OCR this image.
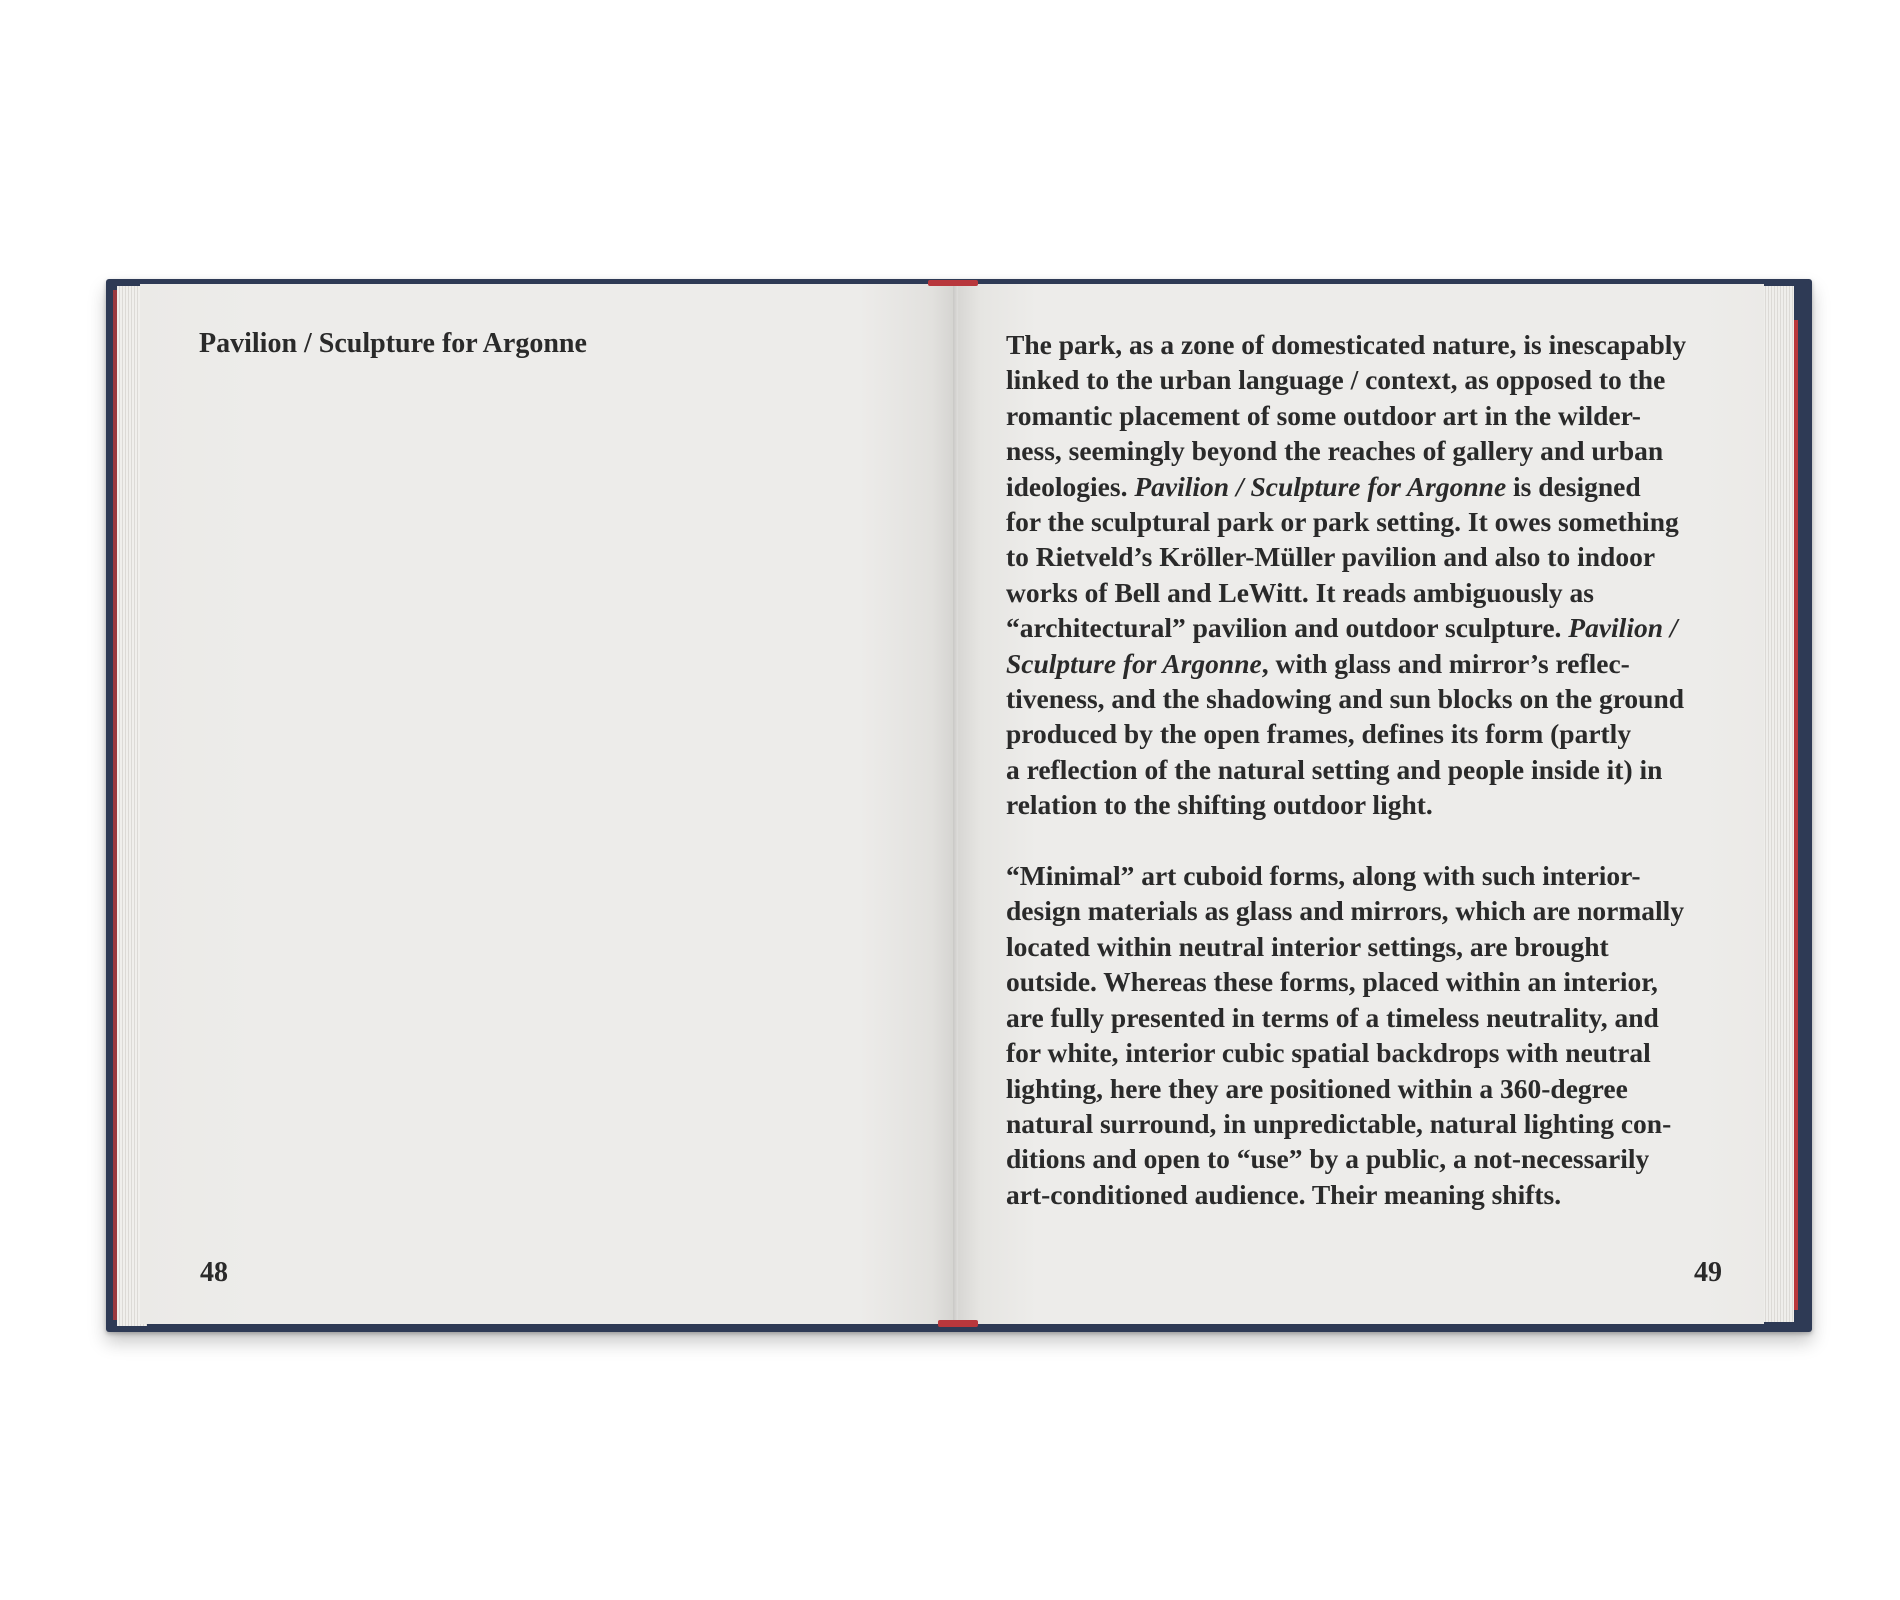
Pavilion / Sculpture for Argonne
48	49

The park, as a zone of domesticated nature, is inescapably
linked to the urban language / context, as opposed to the
romantic placement of some outdoor art in the wilder-
ness, seemingly beyond the reaches of gallery and urban
ideologies. Pavilion / Sculpture for Argonne is designed
for the sculptural park or park setting. It owes something
to Rietveld’s Kröller-Müller pavilion and also to indoor
works of Bell and LeWitt. It reads ambiguously as
“architectural” pavilion and outdoor sculpture. Pavilion /
Sculpture for Argonne, with glass and mirror’s reflec-
tiveness, and the shadowing and sun blocks on the ground
produced by the open frames, defines its form (partly
a reflection of the natural setting and people inside it) in
relation to the shifting outdoor light.

“Minimal” art cuboid forms, along with such interior-
design materials as glass and mirrors, which are normally
located within neutral interior settings, are brought
outside. Whereas these forms, placed within an interior,
are fully presented in terms of a timeless neutrality, and
for white, interior cubic spatial backdrops with neutral
lighting, here they are positioned within a 360-degree
natural surround, in unpredictable, natural lighting con-
ditions and open to “use” by a public, a not-necessarily
art-conditioned audience. Their meaning shifts.
